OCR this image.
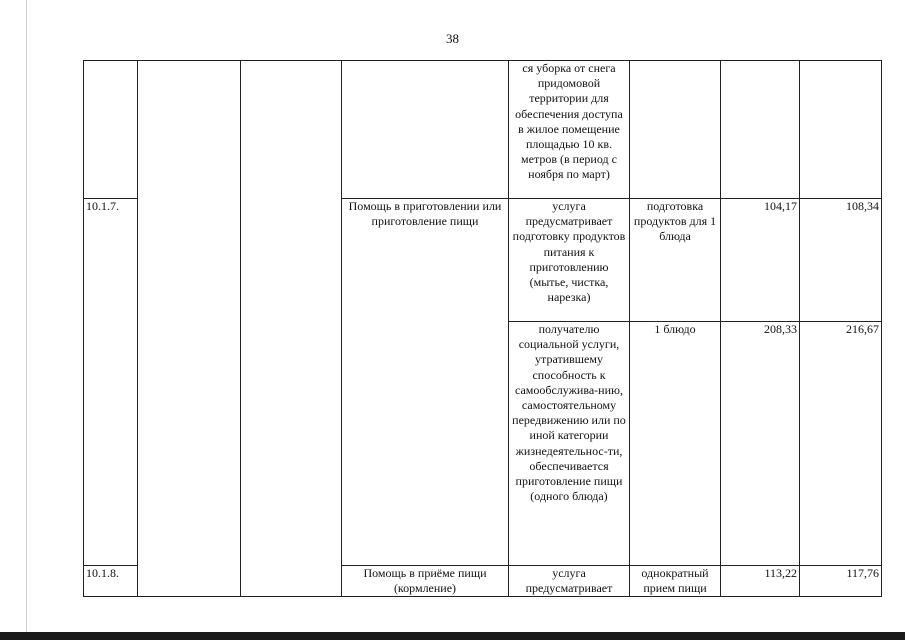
38
				ся уборка от снега придомовой территории для обеспечения доступа в жилое помещение площадью 10 кв. метров (в период с ноября по март)			
10.1.7.			Помощь в приготовлении или приготовление пищи	услуга предусматривает подготовку продуктов питания к приготовлению (мытье, чистка, нарезка)	подготовка продуктов для 1 блюда	104,17	108,34
				получателю социальной услуги, утратившему способность к самообслужива-нию, самостоятельному передвижению или по иной категории жизнедеятельнос-ти, обеспечивается приготовление пищи (одного блюда)	1 блюдо	208,33	216,67
10.1.8.			Помощь в приёме пищи (кормление)	услуга предусматривает	однократный прием пищи	113,22	117,76
